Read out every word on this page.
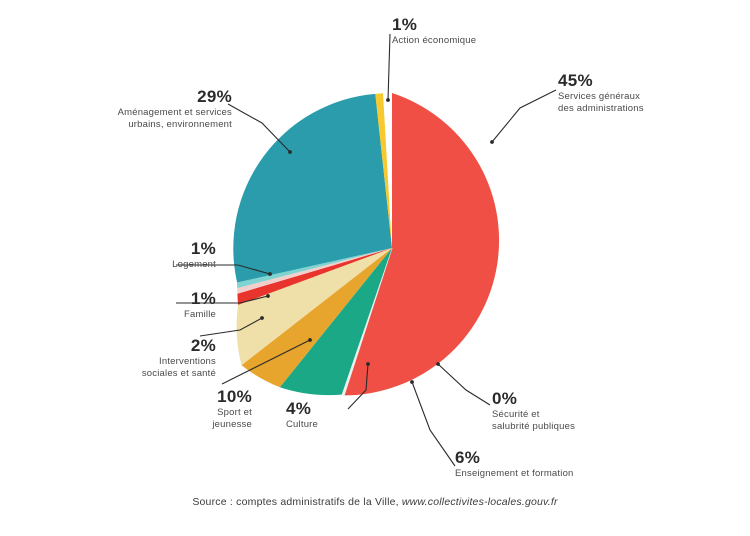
1%
Action économique
45%
Services généraux
des administrations
29%
Aménagement et services
urbains, environnement
1%
Logement
1%
Famille
2%
Interventions
sociales et santé
10%
Sport et
jeunesse
4%
Culture
6%
Enseignement et formation
0%
Sécurité et
salubrité publiques
Source : comptes administratifs de la Ville, www.collectivites-locales.gouv.fr
